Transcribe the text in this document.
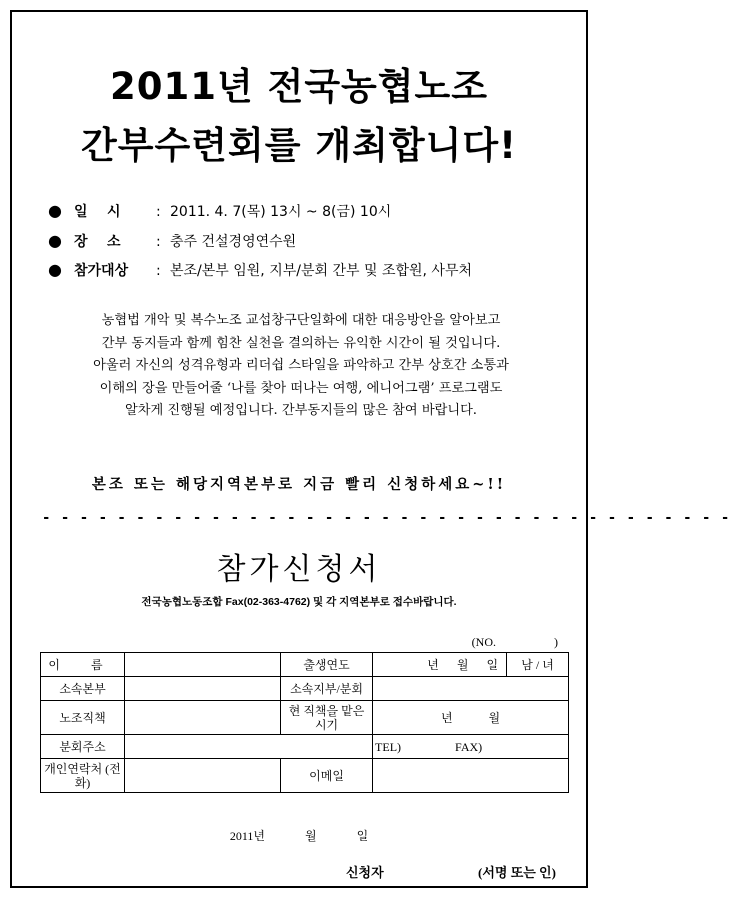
2011년 전국농협노조
간부수련회를 개최합니다!
● 일    시	: 2011. 4. 7(목) 13시 ~ 8(금) 10시
● 장    소	: 충주 건설경영연수원
● 참가대상 : 본조/본부 임원, 지부/분회 간부 및 조합원, 사무처
농협법 개악 및 복수노조 교섭창구단일화에 대한 대응방안을 알아보고
간부 동지들과 함께 힘찬 실천을 결의하는 유익한 시간이 될 것입니다.
아울러 자신의 성격유형과 리더쉽 스타일을 파악하고 간부 상호간 소통과
이해의 장을 만들어줄 ‘나를 찾아 떠나는 여행, 에니어그램’ 프로그램도
알차게 진행될 예정입니다. 간부동지들의 많은 참여 바랍니다.
본조 또는 해당지역본부로 지금 빨리 신청하세요~!!
- - - - - - - - - - - - - - - - - - - - - - - - - - - - - - - - - - - - -
참가신청서
전국농협노동조합 Fax(02-363-4762) 및 각 지역본부로 접수바랍니다.
(NO.	)
이 름		출생연도	년 월 일	남 / 녀
소속본부		소속지부/분회		
노조직책		현 직책을 맡은 시기	년 월	
분회주소			TEL) FAX)	
개인연락처 (전화)		이메일		
2011년	월	일
신청자	(서명 또는 인)
